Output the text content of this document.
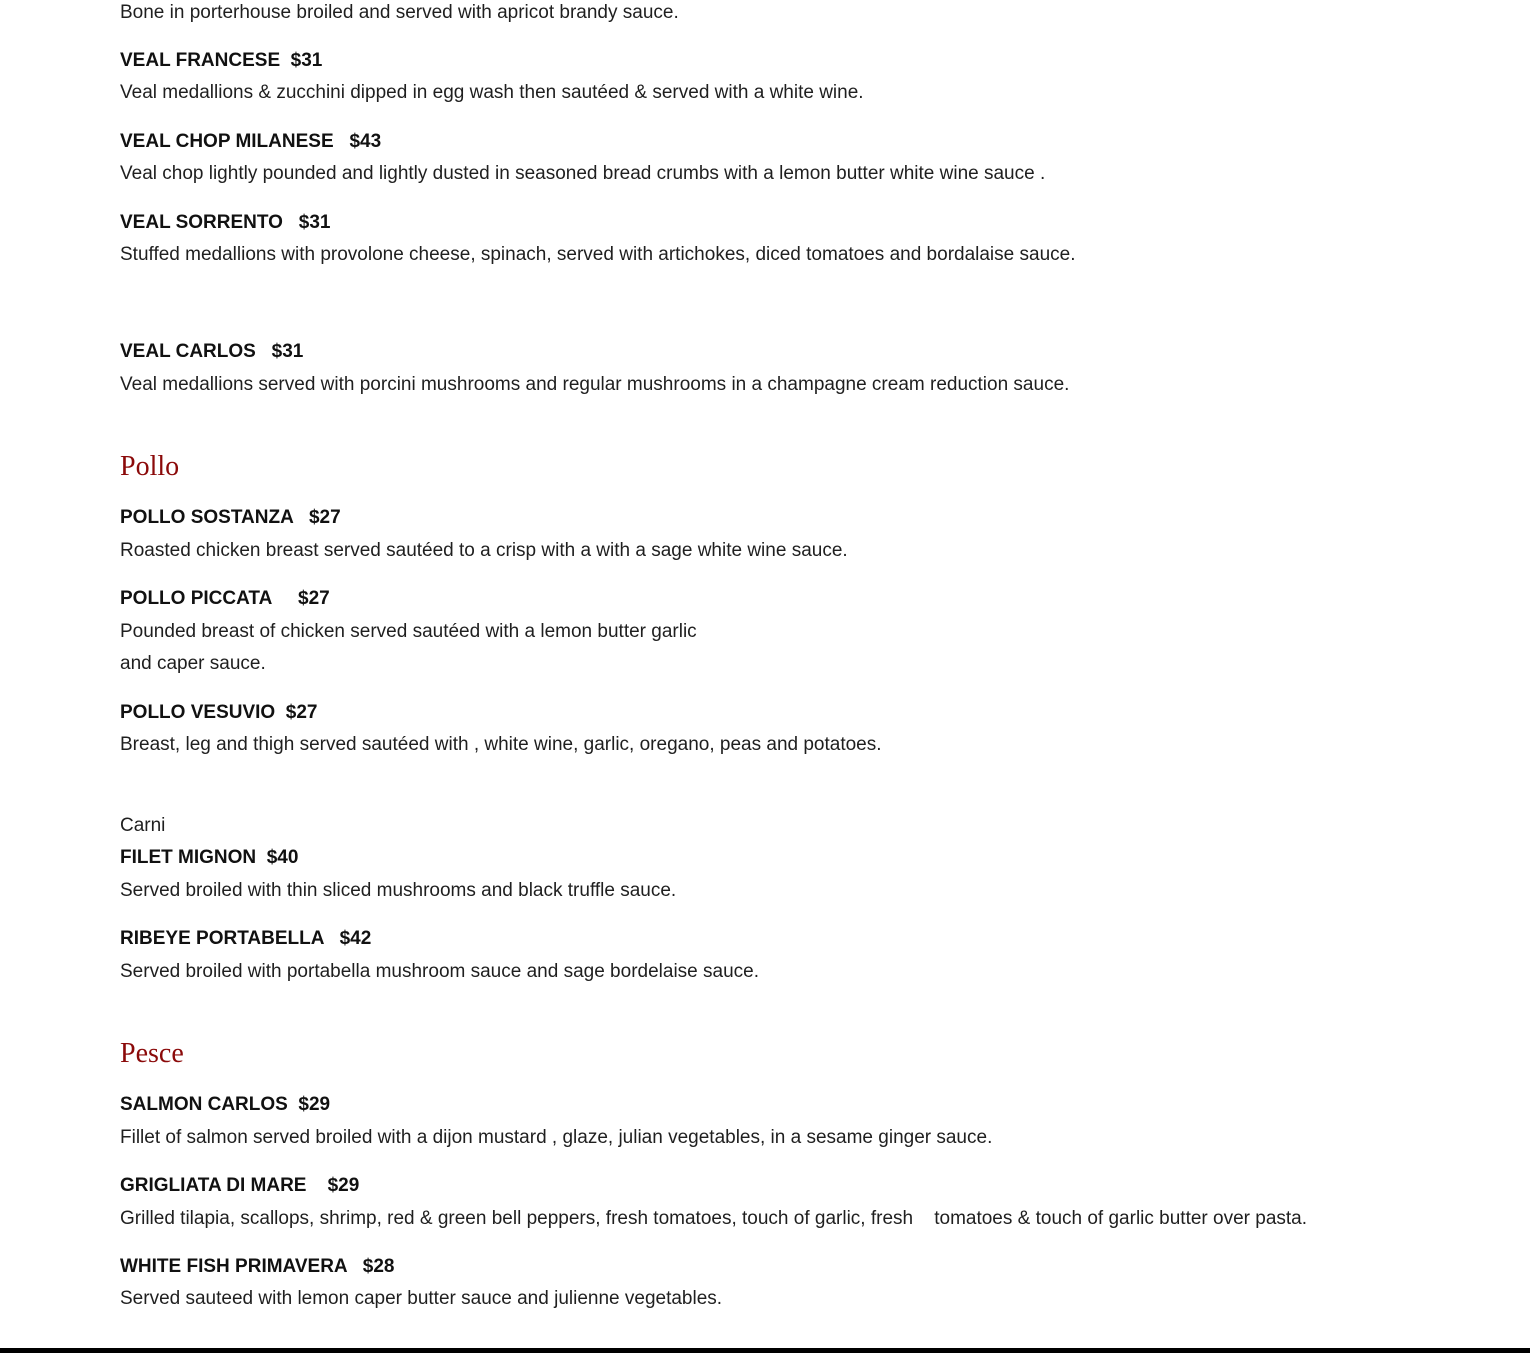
Bone in porterhouse broiled and served with apricot brandy sauce.
VEAL FRANCESE  $31
Veal medallions & zucchini dipped in egg wash then sautéed & served with a white wine.
VEAL CHOP MILANESE   $43
Veal chop lightly pounded and lightly dusted in seasoned bread crumbs with a lemon butter white wine sauce .
VEAL SORRENTO   $31
Stuffed medallions with provolone cheese, spinach, served with artichokes, diced tomatoes and bordalaise sauce.
VEAL CARLOS   $31
Veal medallions served with porcini mushrooms and regular mushrooms in a champagne cream reduction sauce.
Pollo
POLLO SOSTANZA   $27
Roasted chicken breast served sautéed to a crisp with a with a sage white wine sauce.
POLLO PICCATA     $27
Pounded breast of chicken served sautéed with a lemon butter garlic
and caper sauce.
POLLO VESUVIO  $27
Breast, leg and thigh served sautéed with , white wine, garlic, oregano, peas and potatoes.
Carni
FILET MIGNON  $40
Served broiled with thin sliced mushrooms and black truffle sauce.
RIBEYE PORTABELLA   $42
Served broiled with portabella mushroom sauce and sage bordelaise sauce.
Pesce
SALMON CARLOS  $29
Fillet of salmon served broiled with a dijon mustard , glaze, julian vegetables, in a sesame ginger sauce.
GRIGLIATA DI MARE    $29
Grilled tilapia, scallops, shrimp, red & green bell peppers, fresh tomatoes, touch of garlic, fresh    tomatoes & touch of garlic butter over pasta.
WHITE FISH PRIMAVERA   $28
Served sauteed with lemon caper butter sauce and julienne vegetables.
